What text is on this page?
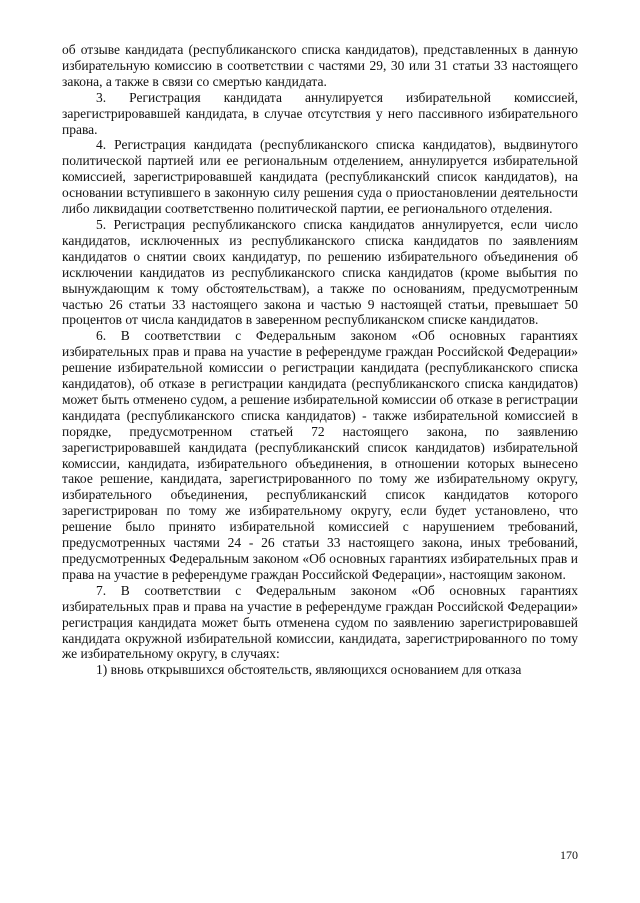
об отзыве кандидата (республиканского списка кандидатов), представленных в данную избирательную комиссию в соответствии с частями 29, 30 или 31 статьи 33 настоящего закона, а также в связи со смертью кандидата.

3. Регистрация кандидата аннулируется избирательной комиссией, зарегистрировавшей кандидата, в случае отсутствия у него пассивного избирательного права.

4. Регистрация кандидата (республиканского списка кандидатов), выдвинутого политической партией или ее региональным отделением, аннулируется избирательной комиссией, зарегистрировавшей кандидата (республиканский список кандидатов), на основании вступившего в законную силу решения суда о приостановлении деятельности либо ликвидации соответственно политической партии, ее регионального отделения.

5. Регистрация республиканского списка кандидатов аннулируется, если число кандидатов, исключенных из республиканского списка кандидатов по заявлениям кандидатов о снятии своих кандидатур, по решению избирательного объединения об исключении кандидатов из республиканского списка кандидатов (кроме выбытия по вынуждающим к тому обстоятельствам), а также по основаниям, предусмотренным частью 26 статьи 33 настоящего закона и частью 9 настоящей статьи, превышает 50 процентов от числа кандидатов в заверенном республиканском списке кандидатов.

6. В соответствии с Федеральным законом «Об основных гарантиях избирательных прав и права на участие в референдуме граждан Российской Федерации» решение избирательной комиссии о регистрации кандидата (республиканского списка кандидатов), об отказе в регистрации кандидата (республиканского списка кандидатов) может быть отменено судом, а решение избирательной комиссии об отказе в регистрации кандидата (республиканского списка кандидатов) - также избирательной комиссией в порядке, предусмотренном статьей 72 настоящего закона, по заявлению зарегистрировавшей кандидата (республиканский список кандидатов) избирательной комиссии, кандидата, избирательного объединения, в отношении которых вынесено такое решение, кандидата, зарегистрированного по тому же избирательному округу, избирательного объединения, республиканский список кандидатов которого зарегистрирован по тому же избирательному округу, если будет установлено, что решение было принято избирательной комиссией с нарушением требований, предусмотренных частями 24 - 26 статьи 33 настоящего закона, иных требований, предусмотренных Федеральным законом «Об основных гарантиях избирательных прав и права на участие в референдуме граждан Российской Федерации», настоящим законом.

7. В соответствии с Федеральным законом «Об основных гарантиях избирательных прав и права на участие в референдуме граждан Российской Федерации» регистрация кандидата может быть отменена судом по заявлению зарегистрировавшей кандидата окружной избирательной комиссии, кандидата, зарегистрированного по тому же избирательному округу, в случаях:

1) вновь открывшихся обстоятельств, являющихся основанием для отказа

170
